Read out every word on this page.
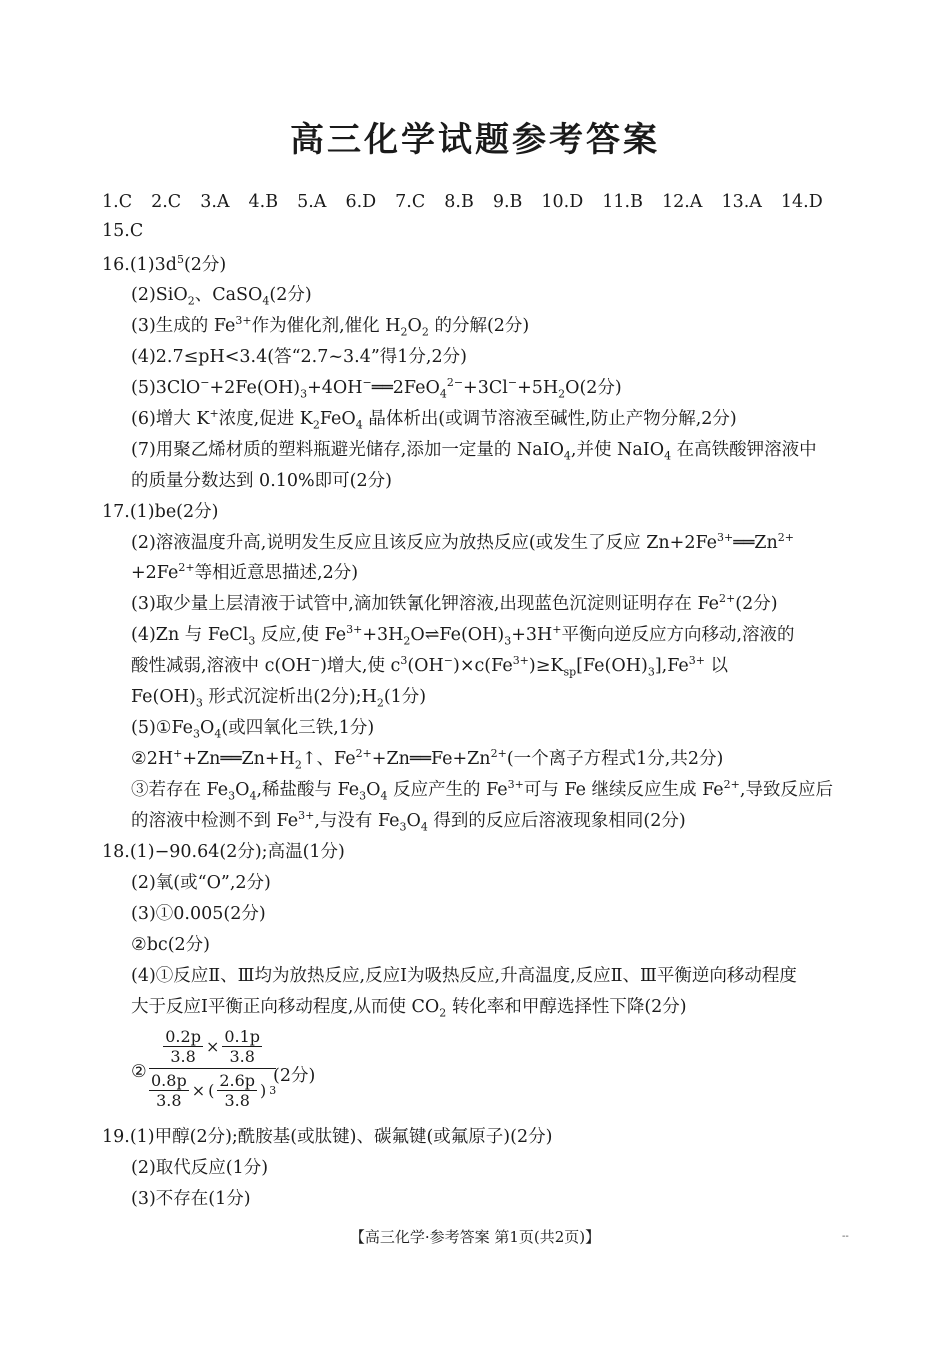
高三化学试题参考答案
1.C 2.C 3.A 4.B 5.A 6.D 7.C 8.B 9.B 10.D 11.B 12.A 13.A 14.D
15.C
$16.(1)3d^5(2$分)
(2)SiO$_2$、CaSO$_4$(2分)
(3)生成的 $Fe^{3+}$作为催化剂,催化 $H_2O_2$ 的分解(2分)
(4)2.7≤pH<3.4(答“2.7~3.4”得1分,2分)
$(5)3ClO^-+2Fe(OH)_3+4OH^-══2FeO_4^{2-}+3Cl^-+5H_2O(2$分)
(6)增大 K+浓度,促进 $K_2FeO_4$ 晶体析出(或调节溶液至碱性,防止产物分解,2分)
(7)用聚乙烯材质的塑料瓶避光储存,添加一定量的 NaIO$_4$,并使 NaIO$_4$ 在高铁酸钾溶液中
的质量分数达到 0.10%即可(2分)
17.(1)be(2分)
(2)溶液温度升高,说明发生反应且该反应为放热反应(或发生了反应 $Zn+2Fe^{3+}══Zn^{2+}$
$+2Fe^{2+}$等相近意思描述,2分)
(3)取少量上层清液于试管中,滴加铁氰化钾溶液,出现蓝色沉淀则证明存在 $Fe^{2+}(2$分)
(4)Zn 与 FeCl$_3$ 反应,使 $Fe^{3+}+3H_2O\rightleftharpoons Fe(OH)_3+3H^+$平衡向逆反应方向移动,溶液的
酸性减弱,溶液中 c(OH−)增大,使 $c^3(OH^-)\times c(Fe^{3+})\ge K_{sp}[Fe(OH)_3],Fe^{3+}$ 以
$Fe(OH)_3$ 形式沉淀析出(2分)$;H_2(1$分)
$(5)①Fe_3O_4$(或四氧化三铁,1分)
$②2H^++Zn══Zn+H_2↑$、$Fe^{2+}+Zn══Fe+Zn^{2+}$(一个离子方程式1分,共2分)
③若存在 $Fe_3O_4$,稀盐酸与 $Fe_3O_4$ 反应产生的 $Fe^{3+}$可与 Fe 继续反应生成 $Fe^{2+}$,导致反应后
的溶液中检测不到 $Fe^{3+}$,与没有 $Fe_3O_4$ 得到的反应后溶液现象相同(2分)
18.(1)−90.64(2分);高温(1分)
(2)氧(或“O”,2分)
(3)①0.005(2分)
②bc(2分)
(4)①反应Ⅱ、Ⅲ均为放热反应,反应Ⅰ为吸热反应,升高温度,反应Ⅱ、Ⅲ平衡逆向移动程度
大于反应Ⅰ平衡正向移动程度,从而使 $CO_2$ 转化率和甲醇选择性下降(2分)
② $\frac{\frac{0.2p}{3.8} \times \frac{0.1p}{3.8}}{\frac{0.8p}{3.8} \times ( \frac{2.6p}{3.8} ) 3}$
(2分)
19.(1)甲醇(2分);酰胺基(或肽键)、碳氟键(或氟原子)(2分)
(2)取代反应(1分)
(3)不存在(1分)
【高三化学·参考答案 第1页(共2页)】	--
